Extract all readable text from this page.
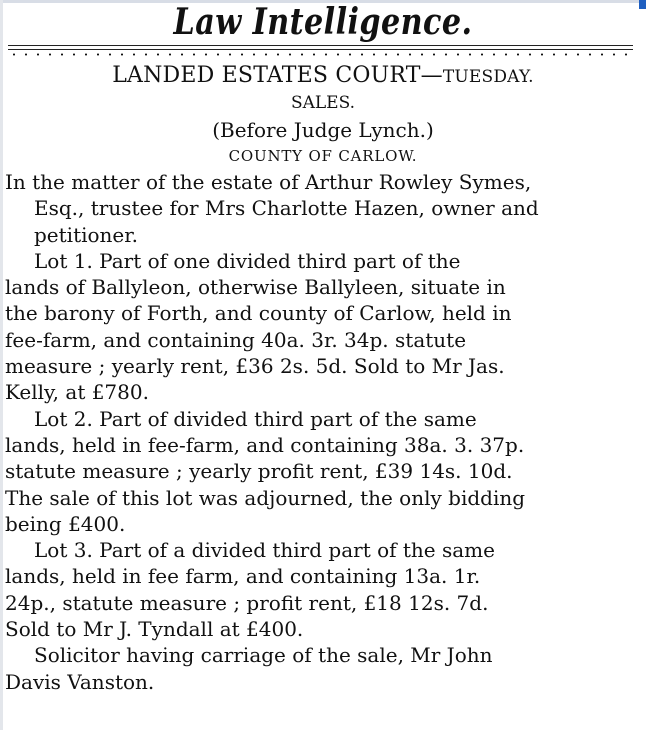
Law Intelligence.
LANDED ESTATES COURT—TUESDAY.
SALES.
(Before Judge Lynch.)
COUNTY OF CARLOW.

In the matter of the estate of Arthur Rowley Symes,
Esq., trustee for Mrs Charlotte Hazen, owner and
petitioner.

Lot 1. Part of one divided third part of the
lands of Ballyleon, otherwise Ballyleen, situate in
the barony of Forth, and county of Carlow, held in
fee-farm, and containing 40a. 3r. 34p. statute
measure ; yearly rent, £36 2s. 5d. Sold to Mr Jas.
Kelly, at £780.

Lot 2. Part of divided third part of the same
lands, held in fee-farm, and containing 38a. 3. 37p.
statute measure ; yearly profit rent, £39 14s. 10d.
The sale of this lot was adjourned, the only bidding
being £400.

Lot 3. Part of a divided third part of the same
lands, held in fee farm, and containing 13a. 1r.
24p., statute measure ; profit rent, £18 12s. 7d.
Sold to Mr J. Tyndall at £400.

Solicitor having carriage of the sale, Mr John
Davis Vanston.
